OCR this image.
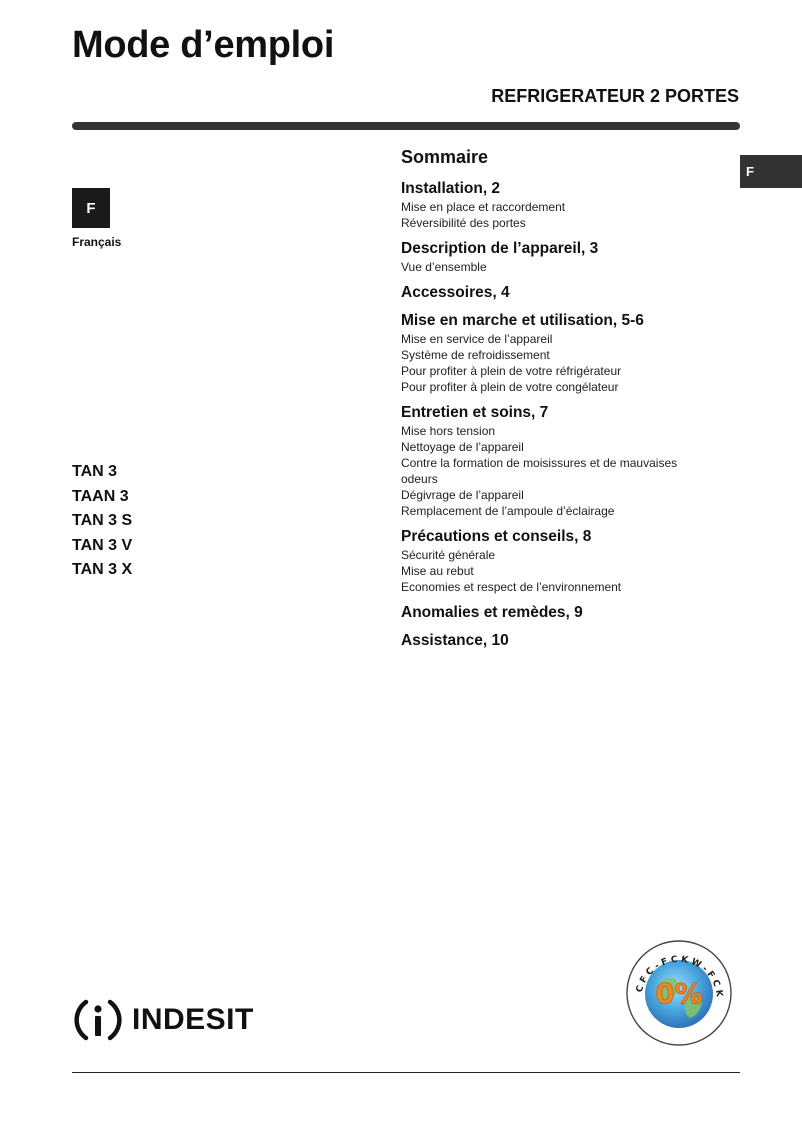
Mode d’emploi
REFRIGERATEUR 2 PORTES
F
Français
F
TAN 3
TAAN 3
TAN 3 S
TAN 3 V
TAN 3 X
Sommaire
Installation, 2
Mise en place et raccordement
Réversibilité des portes
Description de l’appareil, 3
Vue d’ensemble
Accessoires, 4
Mise en marche et utilisation, 5-6
Mise en service de l’appareil
Système de refroidissement
Pour profiter à plein de votre réfrigérateur
Pour profiter à plein de votre congélateur
Entretien et soins, 7
Mise hors tension
Nettoyage de l’appareil
Contre la formation de moisissures et de mauvaises odeurs
Dégivrage de l’appareil
Remplacement de l’ampoule d’éclairage
Précautions et conseils, 8
Sécurité générale
Mise au rebut
Economies et respect de l’environnement
Anomalies et remèdes, 9
Assistance, 10
INDESIT
CFC-FCKW-FCK
0%
